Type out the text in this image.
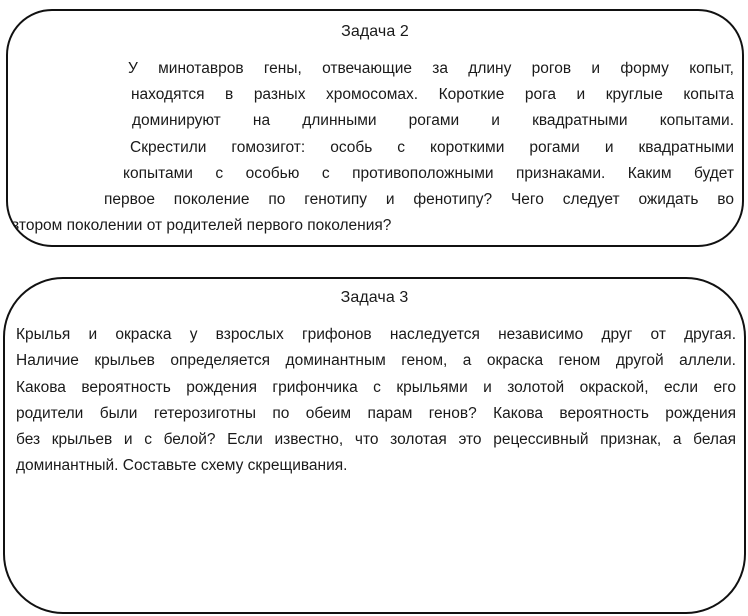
Задача 2
У минотавров гены, отвечающие за длину рогов и форму копыт,
находятся в разных хромосомах. Короткие рога и круглые копыта
доминируют на длинными рогами и квадратными копытами.
Скрестили гомозигот: особь с короткими рогами и квадратными
копытами с особью с противоположными признаками. Каким будет
первое поколение по генотипу и фенотипу? Чего следует ожидать во
втором поколении от родителей первого поколения?
Задача 3
Крылья и окраска у взрослых грифонов наследуется независимо друг от другая.
Наличие крыльев определяется доминантным геном, а окраска геном другой аллели.
Какова вероятность рождения грифончика с крыльями и золотой окраской, если его
родители были гетерозиготны по обеим парам генов? Какова вероятность рождения
без крыльев и с белой? Если известно, что золотая это рецессивный признак, а белая
доминантный. Составьте схему скрещивания.
